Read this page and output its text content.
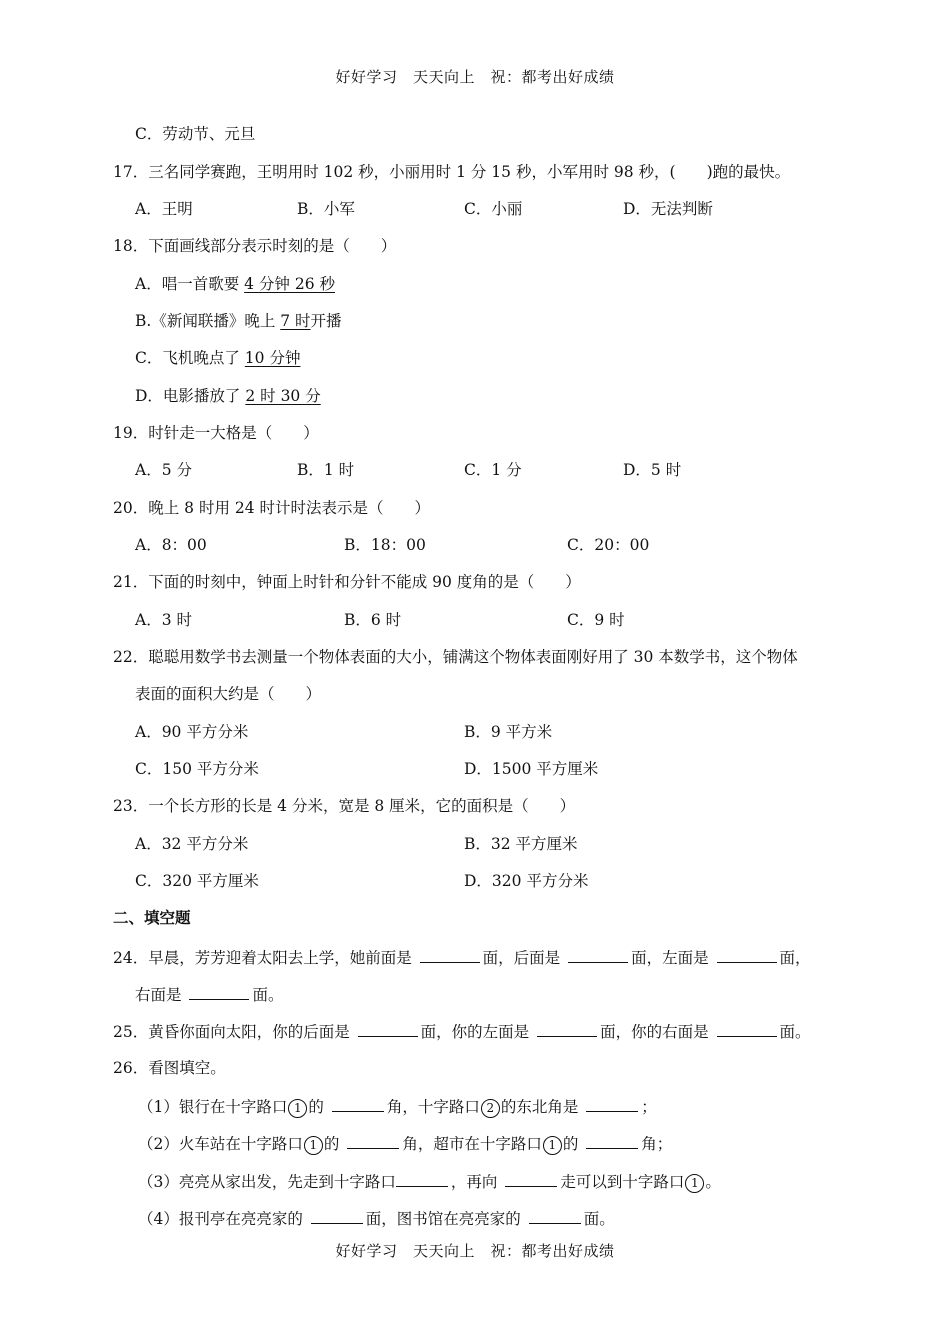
好好学习　天天向上　祝：都考出好成绩
C．劳动节、元旦
17．三名同学赛跑，王明用时 102 秒，小丽用时 1 分 15 秒，小军用时 98 秒，(　　)跑的最快。
A．王明	B．小军	C．小丽	D．无法判断
18．下面画线部分表示时刻的是（　　）
A．唱一首歌要 4 分钟 26 秒
B.《新闻联播》晚上 7 时开播
C．飞机晚点了 10 分钟
D．电影播放了 2 时 30 分
19．时针走一大格是（　　）
A．5 分	B．1 时	C．1 分	D．5 时
20．晚上 8 时用 24 时计时法表示是（　　）
A．8：00	B．18：00	C．20：00
21．下面的时刻中，钟面上时针和分针不能成 90 度角的是（　　）
A．3 时	B．6 时	C．9 时
22．聪聪用数学书去测量一个物体表面的大小，铺满这个物体表面刚好用了 30 本数学书，这个物体
表面的面积大约是（　　）
A．90 平方分米	B．9 平方米
C．150 平方分米	D．1500 平方厘米
23．一个长方形的长是 4 分米，宽是 8 厘米，它的面积是（　　）
A．32 平方分米	B．32 平方厘米
C．320 平方厘米	D．320 平方分米
二、填空题
24．早晨，芳芳迎着太阳去上学，她前面是	面，后面是	面，左面是	面，
右面是	面。
25．黄昏你面向太阳，你的后面是	面，你的左面是	面，你的右面是	面。
26．看图填空。
（1）银行在十字路口 1 的	角，十字路口 2 的东北角是	；
（2）火车站在十字路口 1 的	角，超市在十字路口 1 的	角；
（3）亮亮从家出发，先走到十字路口	，再向	走可以到十字路口 1 。
（4）报刊亭在亮亮家的	面，图书馆在亮亮家的	面。
好好学习　天天向上　祝：都考出好成绩
